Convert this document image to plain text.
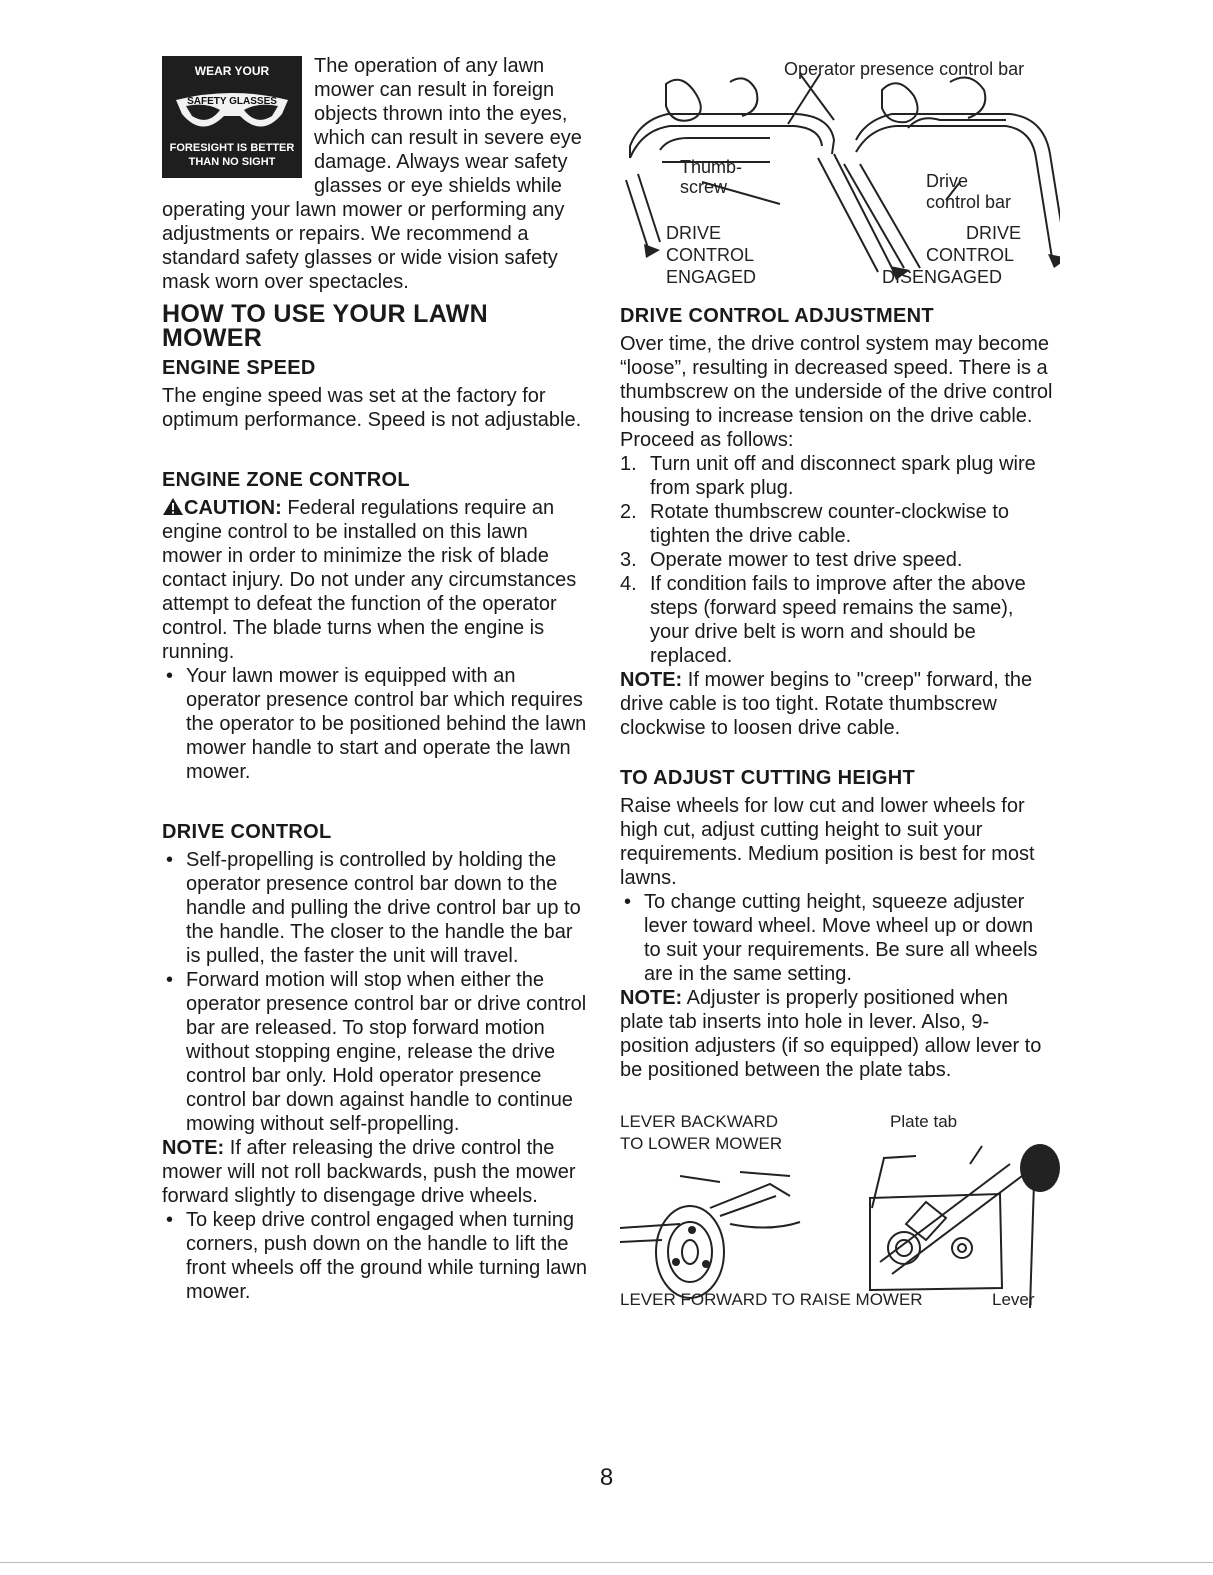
WEAR YOUR
SAFETY GLASSES
FORESIGHT IS BETTER
THAN NO SIGHT

The operation of any lawn mower can result in foreign objects thrown into the eyes, which can result in severe eye damage. Always wear safety glasses or eye shields while operating your lawn mower or performing any adjustments or repairs. We recommend a standard safety glasses or wide vision safety mask worn over spectacles.

HOW TO USE YOUR LAWN MOWER
ENGINE SPEED

The engine speed was set at the factory for optimum performance. Speed is not adjustable.

ENGINE ZONE CONTROL

CAUTION: Federal regulations require an engine control to be installed on this lawn mower in order to minimize the risk of blade contact injury. Do not under any circumstances attempt to defeat the function of the operator control. The blade turns when the engine is running.

• Your lawn mower is equipped with an operator presence control bar which requires the operator to be positioned behind the lawn mower handle to start and operate the lawn mower.
DRIVE CONTROL
• Self-propelling is controlled by holding the operator presence control bar down to the handle and pulling the drive control bar up to the handle. The closer to the handle the bar is pulled, the faster the unit will travel.
• Forward motion will stop when either the operator presence control bar or drive control bar are released. To stop forward motion without stopping engine, release the drive control bar only. Hold operator presence control bar down against handle to continue mowing without self-propelling.

NOTE: If after releasing the drive control the mower will not roll backwards, push the mower forward slightly to disengage drive wheels.

• To keep drive control engaged when turning corners, push down on the handle to lift the front wheels off the ground while turning lawn mower.
Operator presence control bar
Thumb-
screw	Drive
control bar
DRIVE
CONTROL
ENGAGED
DRIVE
CONTROL
DISENGAGED
DRIVE CONTROL ADJUSTMENT

Over time, the drive control system may become “loose”, resulting in decreased speed. There is a thumbscrew on the underside of the drive control housing to increase tension on the drive cable. Proceed as follows:

1. Turn unit off and disconnect spark plug wire from spark plug.
2. Rotate thumbscrew counter-clockwise to tighten the drive cable.
3. Operate mower to test drive speed.
4. If condition fails to improve after the above steps (forward speed remains the same), your drive belt is worn and should be replaced.

NOTE: If mower begins to "creep" forward, the drive cable is too tight. Rotate thumbscrew clockwise to loosen drive cable.

TO ADJUST CUTTING HEIGHT

Raise wheels for low cut and lower wheels for high cut, adjust cutting height to suit your requirements. Medium position is best for most lawns.

• To change cutting height, squeeze adjuster lever toward wheel. Move wheel up or down to suit your requirements. Be sure all wheels are in the same setting.

NOTE: Adjuster is properly positioned when plate tab inserts into hole in lever. Also, 9-position adjusters (if so equipped) allow lever to be positioned between the plate tabs.

LEVER BACKWARD
TO LOWER MOWER
Plate tab
LEVER FORWARD TO RAISE MOWER	Lever
8
